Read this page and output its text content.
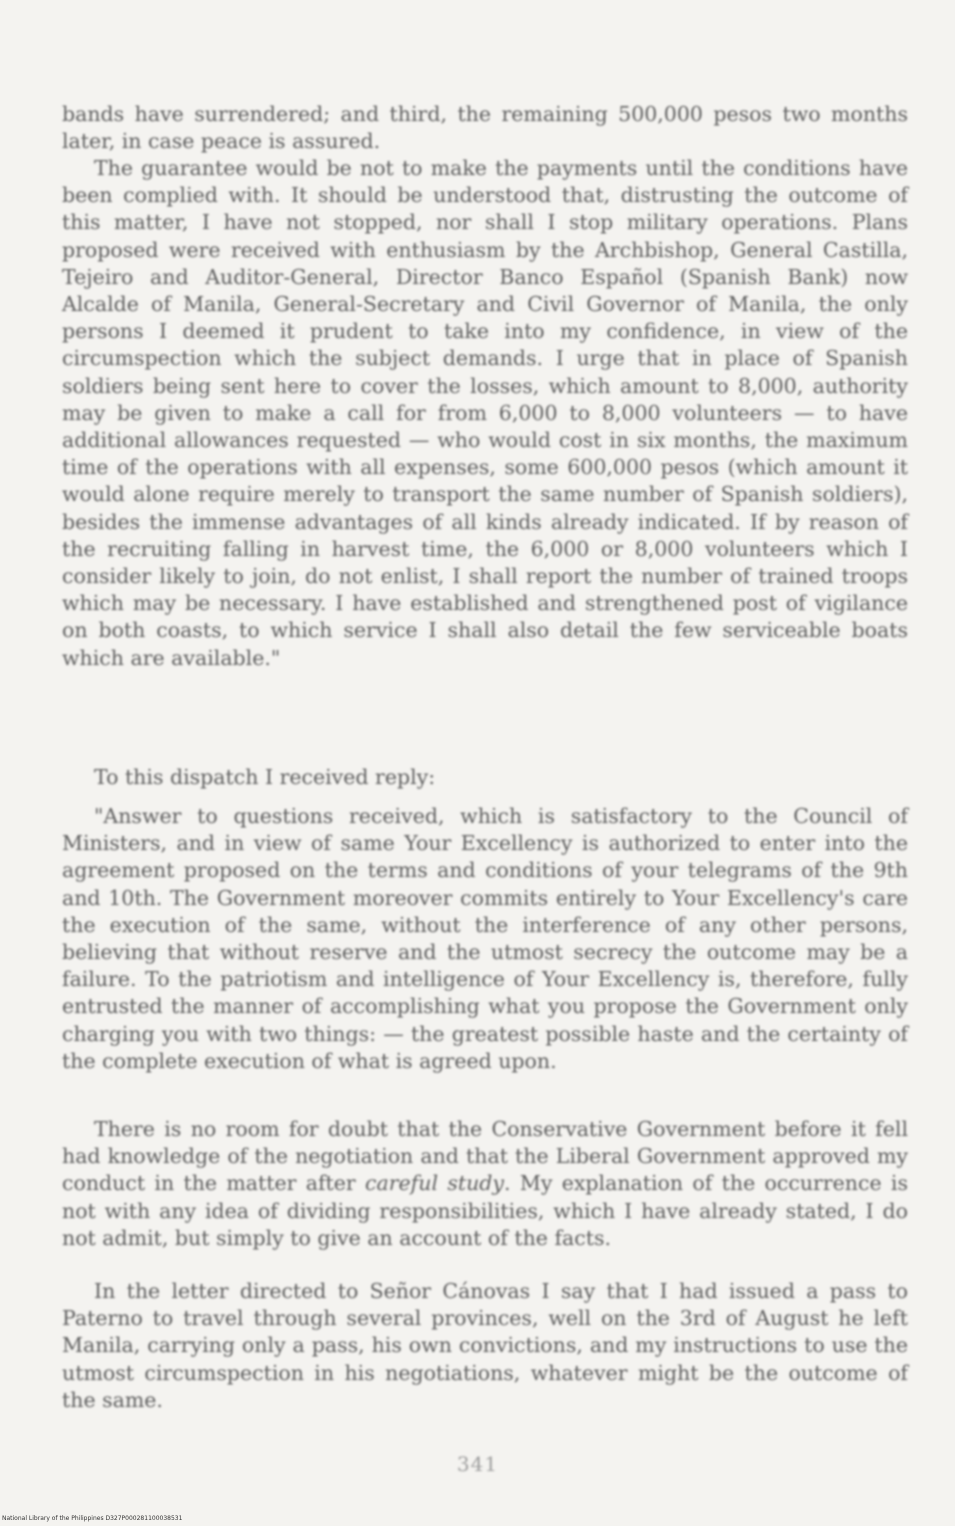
bands have surrendered; and third, the remaining 500,000 pesos two months later, in case peace is assured.

The guarantee would be not to make the payments until the conditions have been complied with. It should be understood that, distrusting the outcome of this matter, I have not stopped, nor shall I stop military operations. Plans proposed were received with enthusiasm by the Archbishop, General Castilla, Tejeiro and Auditor-General, Director Banco Español (Spanish Bank) now Alcalde of Manila, General-Secretary and Civil Governor of Manila, the only persons I deemed it prudent to take into my confidence, in view of the circumspection which the subject demands. I urge that in place of Spanish soldiers being sent here to cover the losses, which amount to 8,000, authority may be given to make a call for from 6,000 to 8,000 volunteers — to have additional allowances requested — who would cost in six months, the maximum time of the operations with all expenses, some 600,000 pesos (which amount it would alone require merely to transport the same number of Spanish soldiers), besides the immense advantages of all kinds already indicated. If by reason of the recruiting falling in harvest time, the 6,000 or 8,000 volunteers which I consider likely to join, do not enlist, I shall report the number of trained troops which may be necessary. I have established and strengthened post of vigilance on both coasts, to which service I shall also detail the few serviceable boats which are available."

To this dispatch I received reply:

"Answer to questions received, which is satisfactory to the Council of Ministers, and in view of same Your Excellency is authorized to enter into the agreement proposed on the terms and conditions of your telegrams of the 9th and 10th. The Government moreover commits entirely to Your Excellency's care the execution of the same, without the interference of any other persons, believing that without reserve and the utmost secrecy the outcome may be a failure. To the patriotism and intelligence of Your Excellency is, therefore, fully entrusted the manner of accomplishing what you propose the Government only charging you with two things: — the greatest possible haste and the certainty of the complete execution of what is agreed upon.

There is no room for doubt that the Conservative Government before it fell had knowledge of the negotiation and that the Liberal Government approved my conduct in the matter after careful study. My explanation of the occurrence is not with any idea of dividing responsibilities, which I have already stated, I do not admit, but simply to give an account of the facts.

In the letter directed to Señor Cánovas I say that I had issued a pass to Paterno to travel through several provinces, well on the 3rd of August he left Manila, carrying only a pass, his own convictions, and my instructions to use the utmost circumspection in his negotiations, whatever might be the outcome of the same.

341
National Library of the Philippines D327P000281100038531
